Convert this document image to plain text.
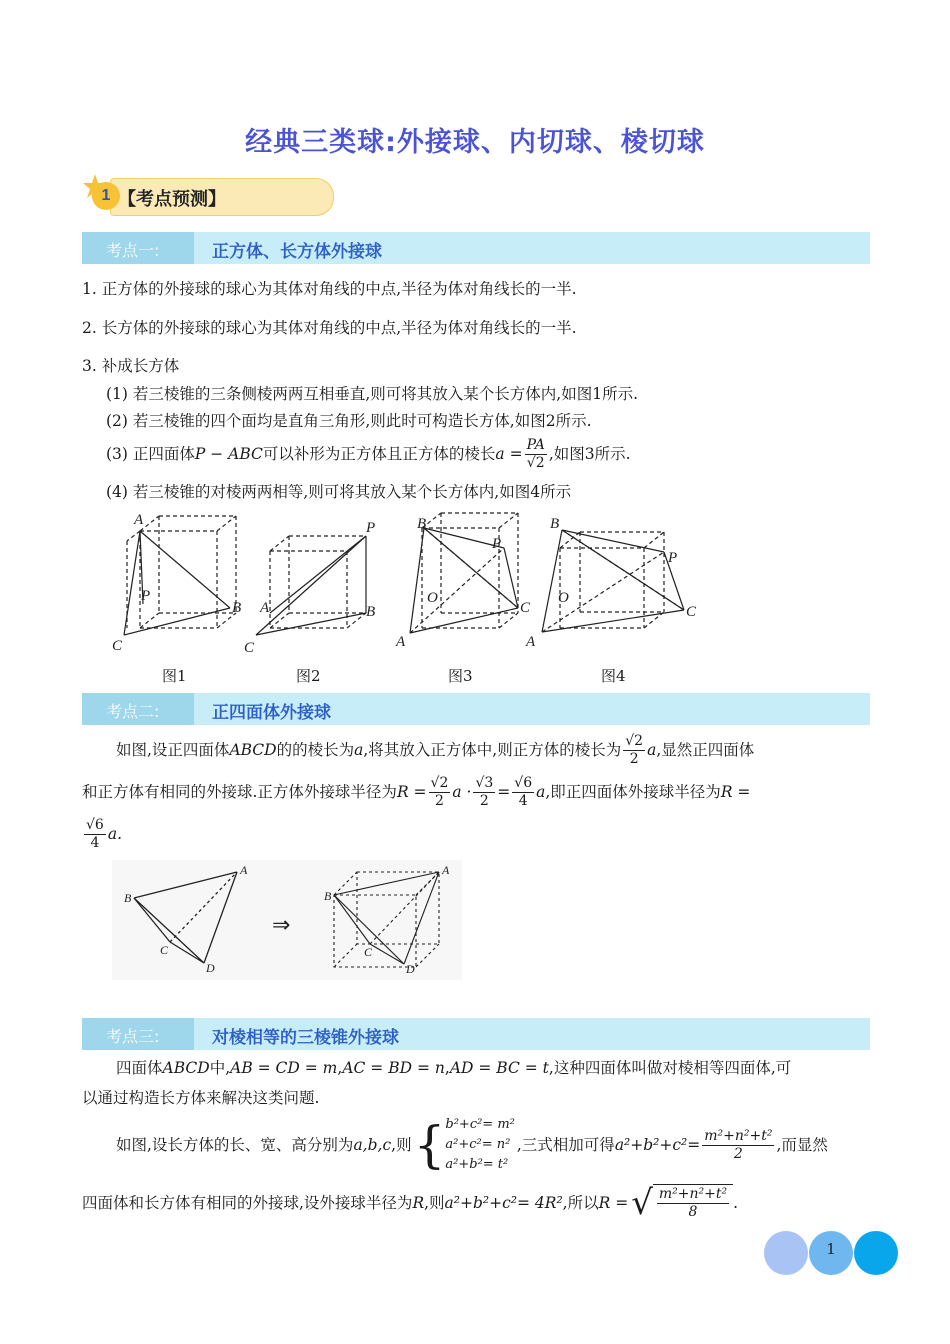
经典三类球:外接球、内切球、棱切球
1 【考点预测】
考点一:	正方体、长方体外接球
1. 正方体的外接球的球心为其体对角线的中点,半径为体对角线长的一半.
2. 长方体的外接球的球心为其体对角线的中点,半径为体对角线长的一半.
3. 补成长方体
(1) 若三棱锥的三条侧棱两两互相垂直,则可将其放入某个长方体内,如图1所示.
(2) 若三棱锥的四个面均是直角三角形,则此时可构造长方体,如图2所示.
(3) 正四面体 P − ABC 可以补形为正方体且正方体的棱长 $a = \frac{PA}{√2}$ ,如图3所示.
(4) 若三棱锥的对棱两两相等,则可将其放入某个长方体内,如图4所示
A
P
B
C
P
A	B
C
B
P
O
C
A
B
P
O
C
A
图1	图2	图3	图4
考点二:	正四面体外接球
如图,设正四面体 ABCD 的的棱长为 a ,将其放入正方体中,则正方体的棱长为 $\frac{√2}{2}$ a ,显然正四面体
和正方体有相同的外接球.正方体外接球半径为 $R = \frac{√2}{2}$ $a \cdot \frac{√3}{2} = \frac{√6}{4}$ a ,即正四面体外接球半径为 R =
$\frac{√6}{4} a$.
A
B
C
D
⇒
A
B
C
D
考点三:	对棱相等的三棱锥外接球
四面体ABCD中,AB = CD = m,AC = BD = n,AD = BC = t,这种四面体叫做对棱相等四面体,可
以通过构造长方体来解决这类问题.
如图,设长方体的长、宽、高分别为 a,b,c ,则 { b²+c²= m²
a²+c²= n²
a²+b²= t²
,三式相加可得 $a^2+b^2+c^2= \frac{\text{m²+n²+t²}}{2}$ ,而显然
四面体和长方体有相同的外接球,设外接球半径为 R ,则 a²+b²+c²= 4R² ,所以 R = √ $\frac{\text{m²+n²+t²}}{8}$ .
1
